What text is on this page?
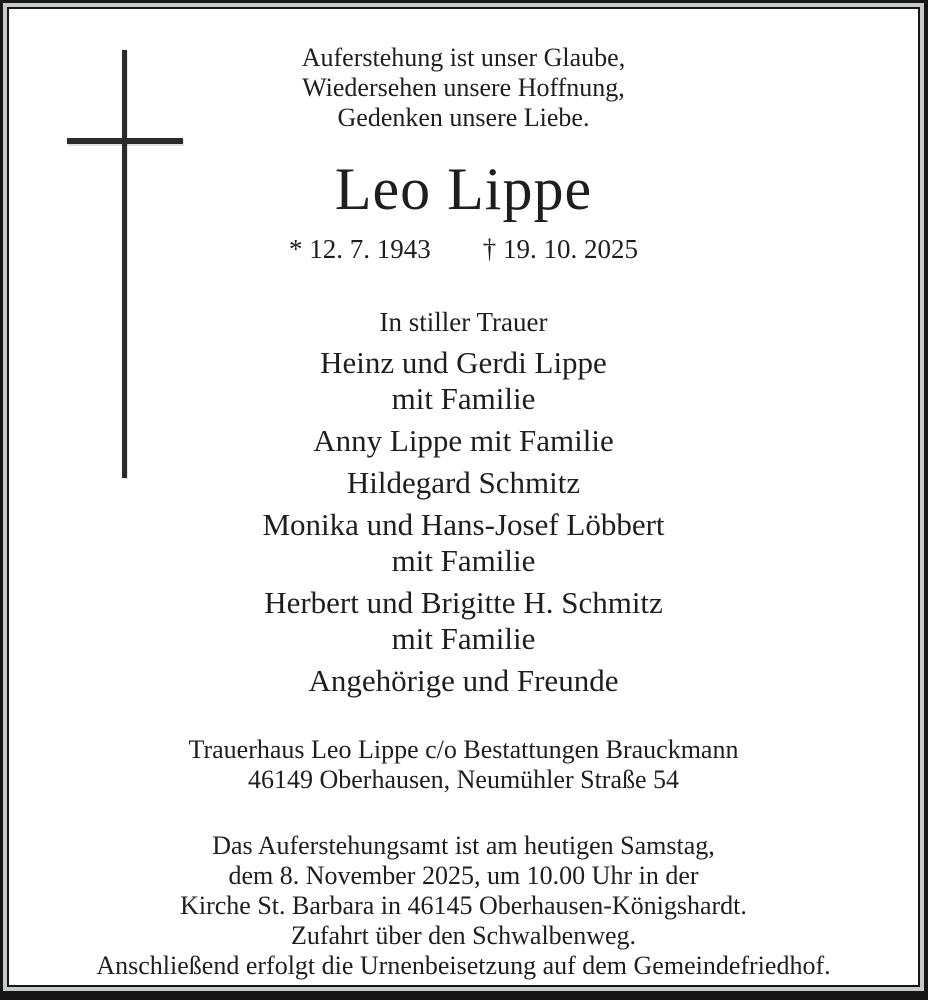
Auferstehung ist unser Glaube,
Wiedersehen unsere Hoffnung,
Gedenken unsere Liebe.
Leo Lippe
* 12. 7. 1943 † 19. 10. 2025
In stiller Trauer
Heinz und Gerdi Lippe
mit Familie
Anny Lippe mit Familie
Hildegard Schmitz
Monika und Hans-Josef Löbbert
mit Familie
Herbert und Brigitte H. Schmitz
mit Familie
Angehörige und Freunde
Trauerhaus Leo Lippe c/o Bestattungen Brauckmann
46149 Oberhausen, Neumühler Straße 54
Das Auferstehungsamt ist am heutigen Samstag,
dem 8. November 2025, um 10.00 Uhr in der
Kirche St. Barbara in 46145 Oberhausen-Königshardt.
Zufahrt über den Schwalbenweg.
Anschließend erfolgt die Urnenbeisetzung auf dem Gemeindefriedhof.
